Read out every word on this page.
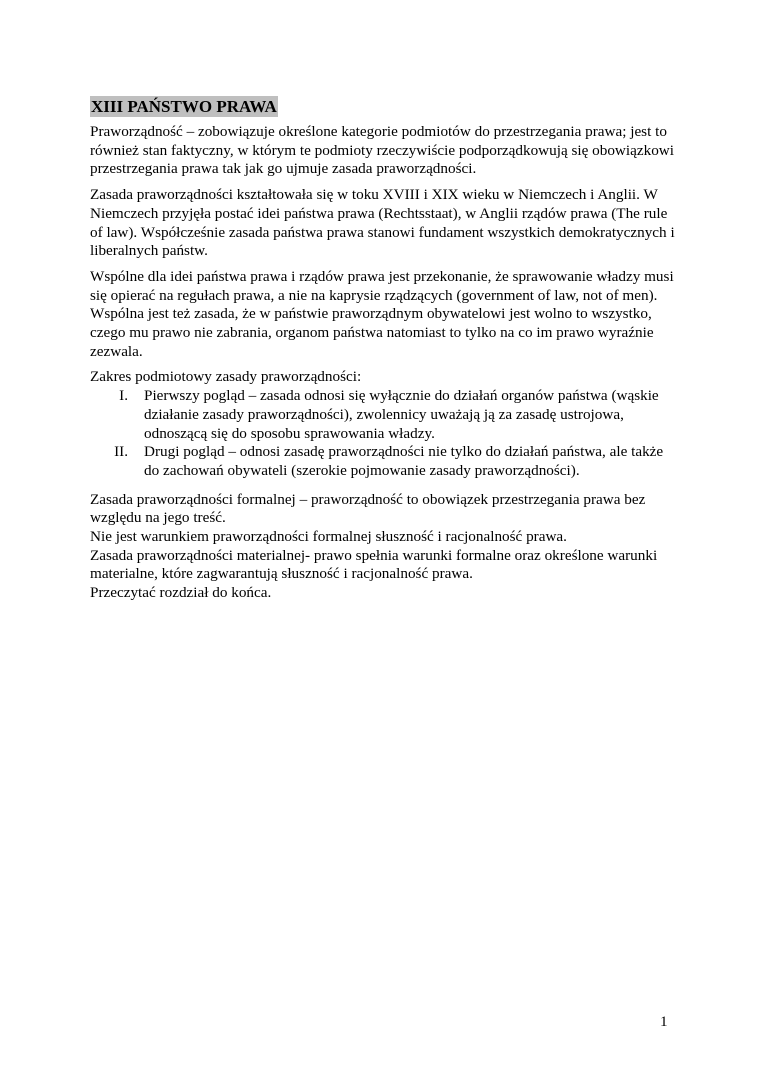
XIII PAŃSTWO PRAWA

Praworządność – zobowiązuje określone kategorie podmiotów do przestrzegania prawa; jest to również stan faktyczny, w którym te podmioty rzeczywiście podporządkowują się obowiązkowi przestrzegania prawa tak jak go ujmuje zasada praworządności.

Zasada praworządności kształtowała się w toku XVIII i XIX wieku w Niemczech i Anglii. W Niemczech przyjęła postać idei państwa prawa (Rechtsstaat), w Anglii rządów prawa (The rule of law). Współcześnie zasada państwa prawa stanowi fundament wszystkich demokratycznych i liberalnych państw.

Wspólne dla idei państwa prawa i rządów prawa jest przekonanie, że sprawowanie władzy musi się opierać na regułach prawa, a nie na kaprysie rządzących (government of law, not of men). Wspólna jest też zasada, że w państwie praworządnym obywatelowi jest wolno to wszystko, czego mu prawo nie zabrania, organom państwa natomiast to tylko na co im prawo wyraźnie zezwala.

Zakres podmiotowy zasady praworządności:

I.	Pierwszy pogląd – zasada odnosi się wyłącznie do działań organów państwa (wąskie działanie zasady praworządności), zwolennicy uważają ją za zasadę ustrojowa, odnoszącą się do sposobu sprawowania władzy.
II.	Drugi pogląd – odnosi zasadę praworządności nie tylko do działań państwa, ale także do zachowań obywateli (szerokie pojmowanie zasady praworządności).

Zasada praworządności formalnej – praworządność to obowiązek przestrzegania prawa bez względu na jego treść.

Nie jest warunkiem praworządności formalnej słuszność i racjonalność prawa.

Zasada praworządności materialnej- prawo spełnia warunki formalne oraz określone warunki materialne, które zagwarantują słuszność i racjonalność prawa.

Przeczytać rozdział do końca.

1
